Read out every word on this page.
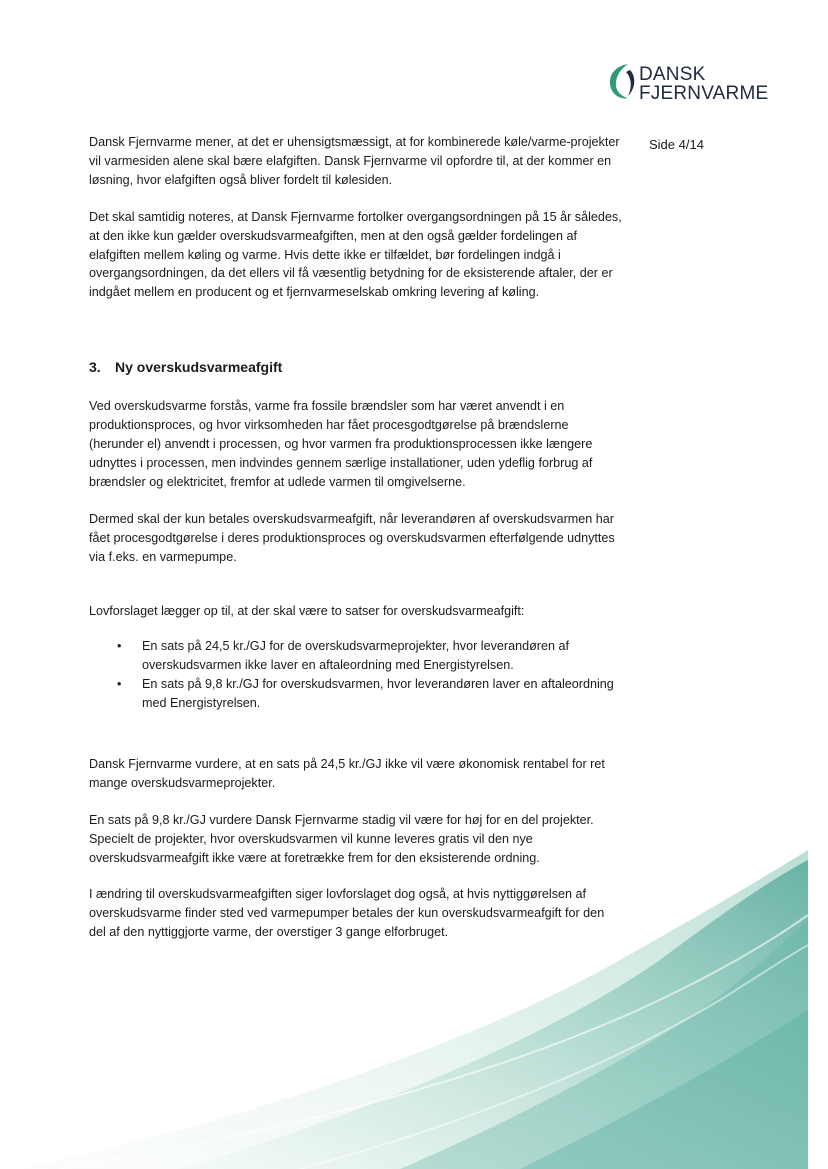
DANSK
FJERNVARME
Side 4/14

Dansk Fjernvarme mener, at det er uhensigtsmæssigt, at for kombinerede køle/varme-projekter vil varmesiden alene skal bære elafgiften. Dansk Fjernvarme vil opfordre til, at der kommer en løsning, hvor elafgiften også bliver fordelt til kølesiden.

Det skal samtidig noteres, at Dansk Fjernvarme fortolker overgangsordningen på 15 år således, at den ikke kun gælder overskudsvarmeafgiften, men at den også gælder fordelingen af elafgiften mellem køling og varme. Hvis dette ikke er tilfældet, bør fordelingen indgå i overgangsordningen, da det ellers vil få væsentlig betydning for de eksisterende aftaler, der er indgået mellem en producent og et fjernvarmeselskab omkring levering af køling.

3. Ny overskudsvarmeafgift

Ved overskudsvarme forstås, varme fra fossile brændsler som har været anvendt i en produktionsproces, og hvor virksomheden har fået procesgodtgørelse på brændslerne (herunder el) anvendt i processen, og hvor varmen fra produktionsprocessen ikke længere udnyttes i processen, men indvindes gennem særlige installationer, uden ydeflig forbrug af brændsler og elektricitet, fremfor at udlede varmen til omgivelserne.

Dermed skal der kun betales overskudsvarmeafgift, når leverandøren af overskudsvarmen har fået procesgodtgørelse i deres produktionsproces og overskudsvarmen efterfølgende udnyttes via f.eks. en varmepumpe.

Lovforslaget lægger op til, at der skal være to satser for overskudsvarmeafgift:

• En sats på 24,5 kr./GJ for de overskudsvarmeprojekter, hvor leverandøren af overskudsvarmen ikke laver en aftaleordning med Energistyrelsen.
• En sats på 9,8 kr./GJ for overskudsvarmen, hvor leverandøren laver en aftaleordning med Energistyrelsen.

Dansk Fjernvarme vurdere, at en sats på 24,5 kr./GJ ikke vil være økonomisk rentabel for ret mange overskudsvarmeprojekter.

En sats på 9,8 kr./GJ vurdere Dansk Fjernvarme stadig vil være for høj for en del projekter. Specielt de projekter, hvor overskudsvarmen vil kunne leveres gratis vil den nye overskudsvarmeafgift ikke være at foretrække frem for den eksisterende ordning.

I ændring til overskudsvarmeafgiften siger lovforslaget dog også, at hvis nyttiggørelsen af overskudsvarme finder sted ved varmepumper betales der kun overskudsvarmeafgift for den del af den nyttiggjorte varme, der overstiger 3 gange elforbruget.
